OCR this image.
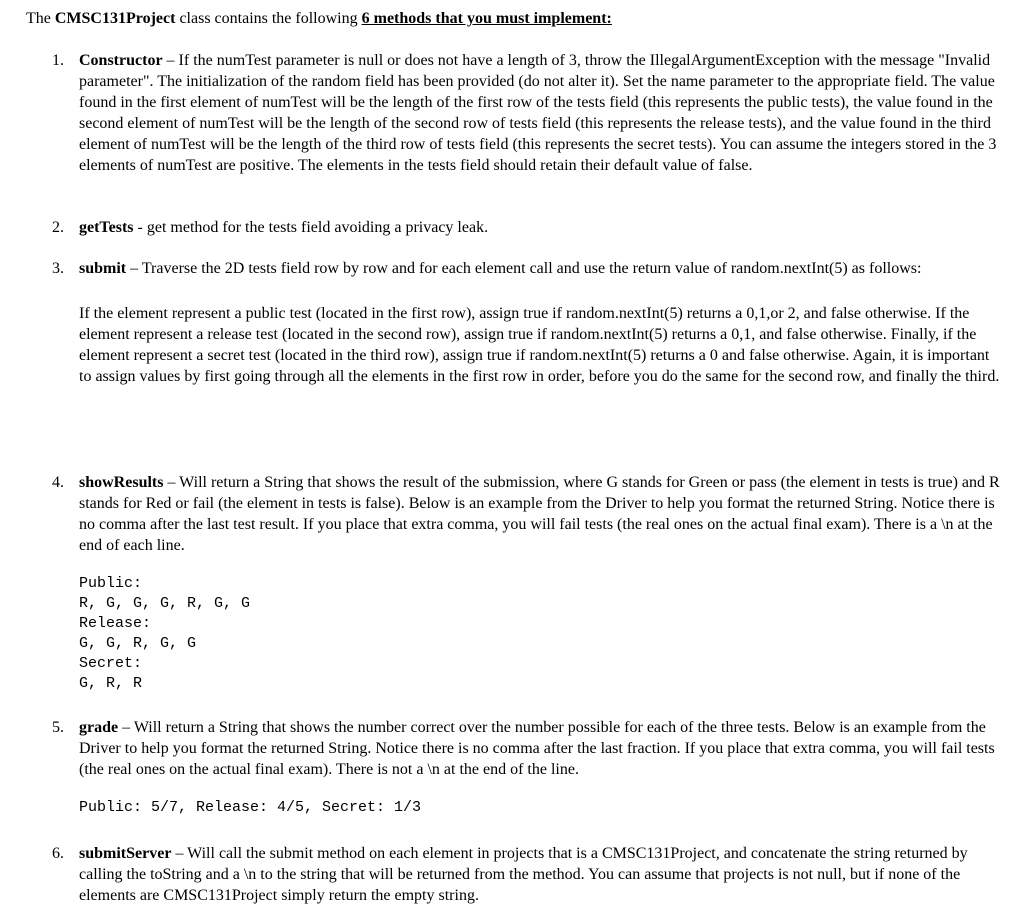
The CMSC131Project class contains the following 6 methods that you must implement:
1. Constructor – If the numTest parameter is null or does not have a length of 3, throw the IllegalArgumentException with the message "Invalid parameter". The initialization of the random field has been provided (do not alter it). Set the name parameter to the appropriate field. The value found in the first element of numTest will be the length of the first row of the tests field (this represents the public tests), the value found in the second element of numTest will be the length of the second row of tests field (this represents the release tests), and the value found in the third element of numTest will be the length of the third row of tests field (this represents the secret tests). You can assume the integers stored in the 3 elements of numTest are positive. The elements in the tests field should retain their default value of false.

2. getTests - get method for the tests field avoiding a privacy leak.

3. submit – Traverse the 2D tests field row by row and for each element call and use the return value of random.nextInt(5) as follows:

If the element represent a public test (located in the first row), assign true if random.nextInt(5) returns a 0,1,or 2, and false otherwise. If the element represent a release test (located in the second row), assign true if random.nextInt(5) returns a 0,1, and false otherwise. Finally, if the element represent a secret test (located in the third row), assign true if random.nextInt(5) returns a 0 and false otherwise. Again, it is important to assign values by first going through all the elements in the first row in order, before you do the same for the second row, and finally the third.

4. showResults – Will return a String that shows the result of the submission, where G stands for Green or pass (the element in tests is true) and R stands for Red or fail (the element in tests is false). Below is an example from the Driver to help you format the returned String. Notice there is no comma after the last test result. If you place that extra comma, you will fail tests (the real ones on the actual final exam). There is a \n at the end of each line.

Public:
R, G, G, G, R, G, G
Release:
G, G, R, G, G
Secret:
G, R, R
5. grade – Will return a String that shows the number correct over the number possible for each of the three tests. Below is an example from the Driver to help you format the returned String. Notice there is no comma after the last fraction. If you place that extra comma, you will fail tests (the real ones on the actual final exam). There is not a \n at the end of the line.

Public: 5/7, Release: 4/5, Secret: 1/3
6. submitServer – Will call the submit method on each element in projects that is a CMSC131Project, and concatenate the string returned by calling the toString and a \n to the string that will be returned from the method. You can assume that projects is not null, but if none of the elements are CMSC131Project simply return the empty string.
